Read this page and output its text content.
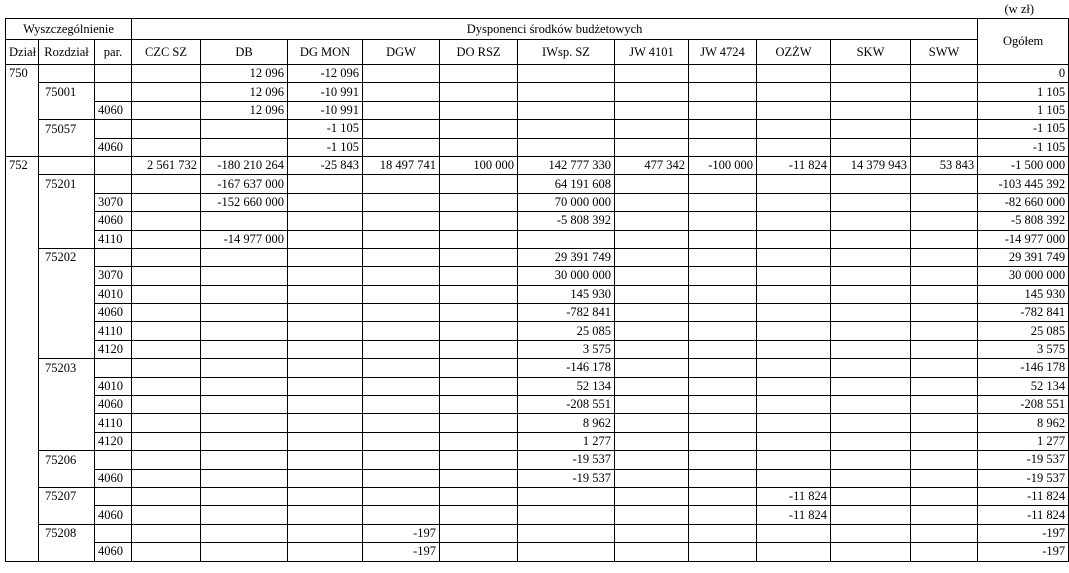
(w zł)
Wyszczególnienie			Dysponenci środków budżetowych											Ogółem
Dział	Rozdział	par.	CZC SZ	DB	DG MON	DGW	DO RSZ	IWsp. SZ	JW 4101	JW 4724	OZŻW	SKW	SWW	
750				12 096	-12 096									0
	75001			12 096	-10 991									1 105
		4060		12 096	-10 991									1 105
	75057				-1 105									-1 105
		4060			-1 105									-1 105
752			2 561 732	-180 210 264	-25 843	18 497 741	100 000	142 777 330	477 342	-100 000	-11 824	14 379 943	53 843	-1 500 000
	75201			-167 637 000				64 191 608						-103 445 392
		3070		-152 660 000				70 000 000						-82 660 000
		4060						-5 808 392						-5 808 392
		4110		-14 977 000										-14 977 000
	75202							29 391 749						29 391 749
		3070						30 000 000						30 000 000
		4010						145 930						145 930
		4060						-782 841						-782 841
		4110						25 085						25 085
		4120						3 575						3 575
	75203							-146 178						-146 178
		4010						52 134						52 134
		4060						-208 551						-208 551
		4110						8 962						8 962
		4120						1 277						1 277
	75206							-19 537						-19 537
		4060						-19 537						-19 537
	75207										-11 824			-11 824
		4060									-11 824			-11 824
	75208					-197								-197
		4060				-197								-197
